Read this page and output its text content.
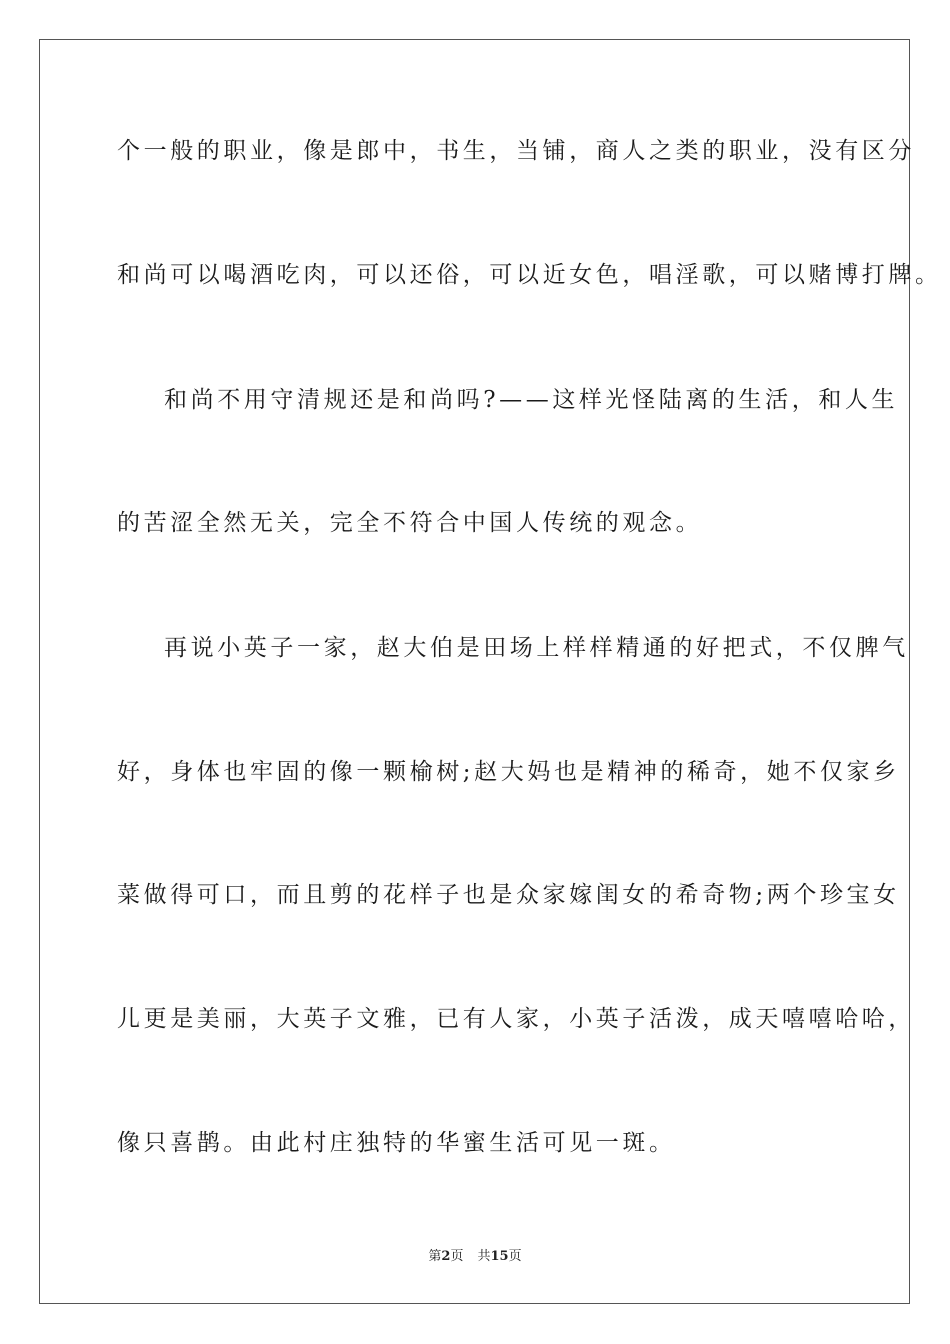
个一般的职业，像是郎中，书生，当铺，商人之类的职业，没有区分
和尚可以喝酒吃肉，可以还俗，可以近女色，唱淫歌，可以赌博打牌。
和尚不用守清规还是和尚吗?——这样光怪陆离的生活，和人生
的苦涩全然无关，完全不符合中国人传统的观念。
再说小英子一家，赵大伯是田场上样样精通的好把式，不仅脾气
好，身体也牢固的像一颗榆树;赵大妈也是精神的稀奇，她不仅家乡
菜做得可口，而且剪的花样子也是众家嫁闺女的希奇物;两个珍宝女
儿更是美丽，大英子文雅，已有人家，小英子活泼，成天嘻嘻哈哈，
像只喜鹊。由此村庄独特的华蜜生活可见一斑。
第2页 共15页
